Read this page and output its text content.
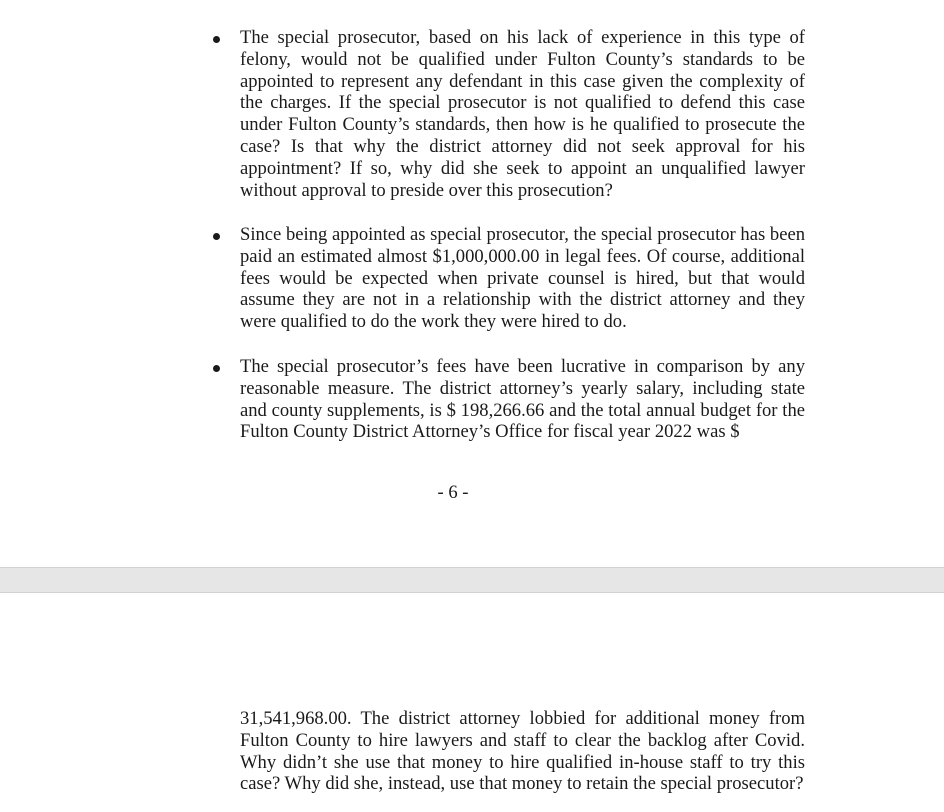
The special prosecutor, based on his lack of experience in this type of felony, would not be qualified under Fulton County’s standards to be appointed to represent any defendant in this case given the complexity of the charges. If the special prosecutor is not qualified to defend this case under Fulton County’s standards, then how is he qualified to prosecute the case? Is that why the district attorney did not seek approval for his appointment? If so, why did she seek to appoint an unqualified lawyer without approval to preside over this prosecution?

Since being appointed as special prosecutor, the special prosecutor has been paid an estimated almost $1,000,000.00 in legal fees. Of course, additional fees would be expected when private counsel is hired, but that would assume they are not in a relationship with the district attorney and they were qualified to do the work they were hired to do.

The special prosecutor’s fees have been lucrative in comparison by any reasonable measure. The district attorney’s yearly salary, including state and county supplements, is $ 198,266.66 and the total annual budget for the Fulton County District Attorney’s Office for fiscal year 2022 was $

- 6 -

31,541,968.00. The district attorney lobbied for additional money from Fulton County to hire lawyers and staff to clear the backlog after Covid. Why didn’t she use that money to hire qualified in-house staff to try this case? Why did she, instead, use that money to retain the special prosecutor?
